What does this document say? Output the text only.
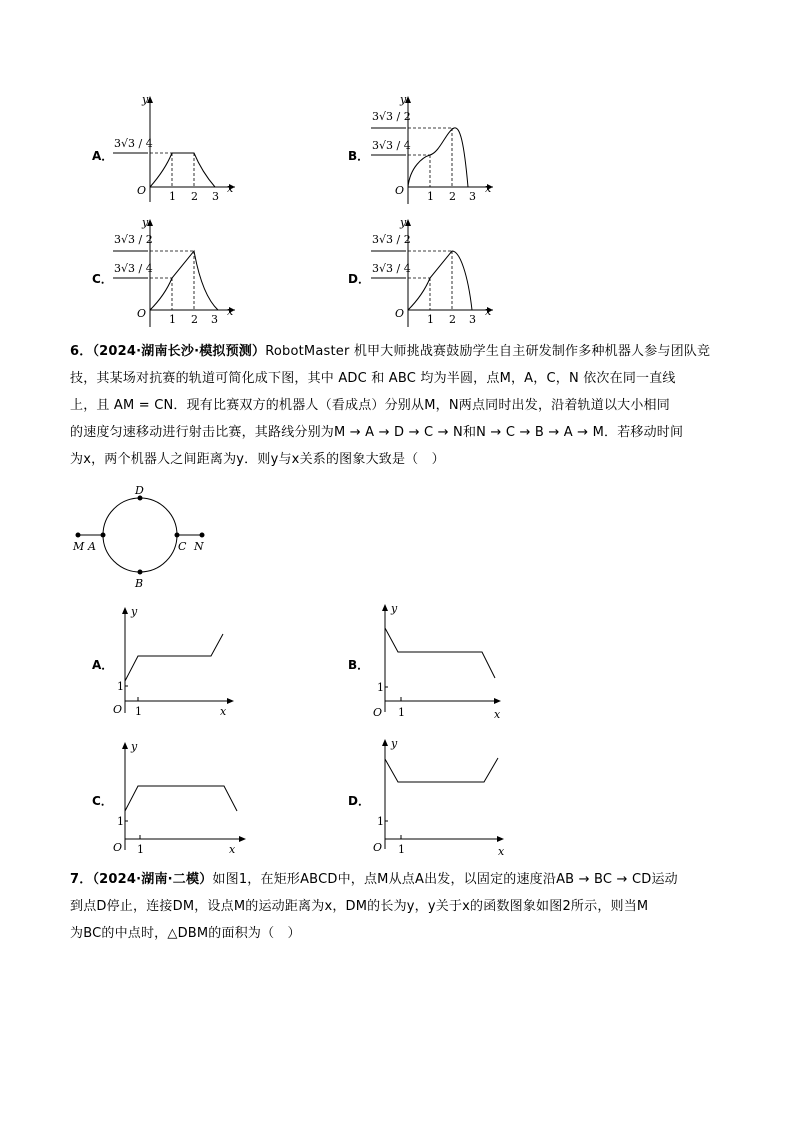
A．
y
x
O
3√3 / 4
1 2 3
B．
y
x
O
3√3 / 2
3√3 / 4
1 2 3
C．
y
x
O
3√3 / 2
3√3 / 4
1 2 3
D．
y
x
O
3√3 / 2
3√3 / 4
1 2 3
6．（2024·湖南长沙·模拟预测）RobotMaster 机甲大师挑战赛鼓励学生自主研发制作多种机器人参与团队竞
技，其某场对抗赛的轨道可简化成下图，其中 ADC 和 ABC 均为半圆，点M，A，C，N 依次在同一直线
上，且 AM = CN．现有比赛双方的机器人（看成点）分别从M，N两点同时出发，沿着轨道以大小相同
的速度匀速移动进行射击比赛，其路线分别为M → A → D → C → N和N → C → B → A → M．若移动时间
为x，两个机器人之间距离为y．则y与x关系的图象大致是（　）
M A	C N
D
B
A．
y
x
O
1
1
B．
y
x
O
1
1
C．
y
x
O
1
1
D．
y
x
O
1
1
7．（2024·湖南·二模）如图1，在矩形ABCD中，点M从点A出发，以固定的速度沿AB → BC → CD运动
到点D停止，连接DM，设点M的运动距离为x，DM的长为y，y关于x的函数图象如图2所示，则当M
为BC的中点时，△DBM的面积为（　）
